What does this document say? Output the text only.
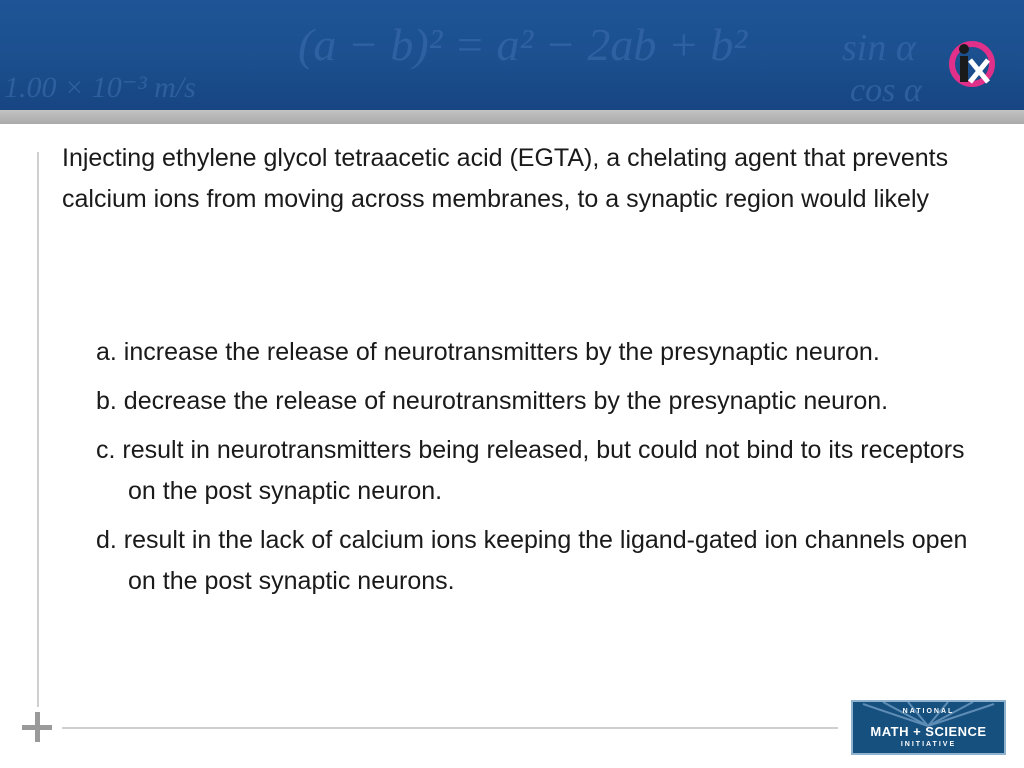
(a − b)² = a² − 2ab + b² sin α
cos α
1.00 × 10⁻³ m/s
Injecting ethylene glycol tetraacetic acid (EGTA), a chelating agent that prevents calcium ions from moving across membranes, to a synaptic region would likely
a. increase the release of neurotransmitters by the presynaptic neuron.
b. decrease the release of neurotransmitters by the presynaptic neuron.
c. result in neurotransmitters being released, but could not bind to its receptors on the post synaptic neuron.
d. result in the lack of calcium ions keeping the ligand-gated ion channels open on the post synaptic neurons.
NATIONAL
MATH + SCIENCE
INITIATIVE
